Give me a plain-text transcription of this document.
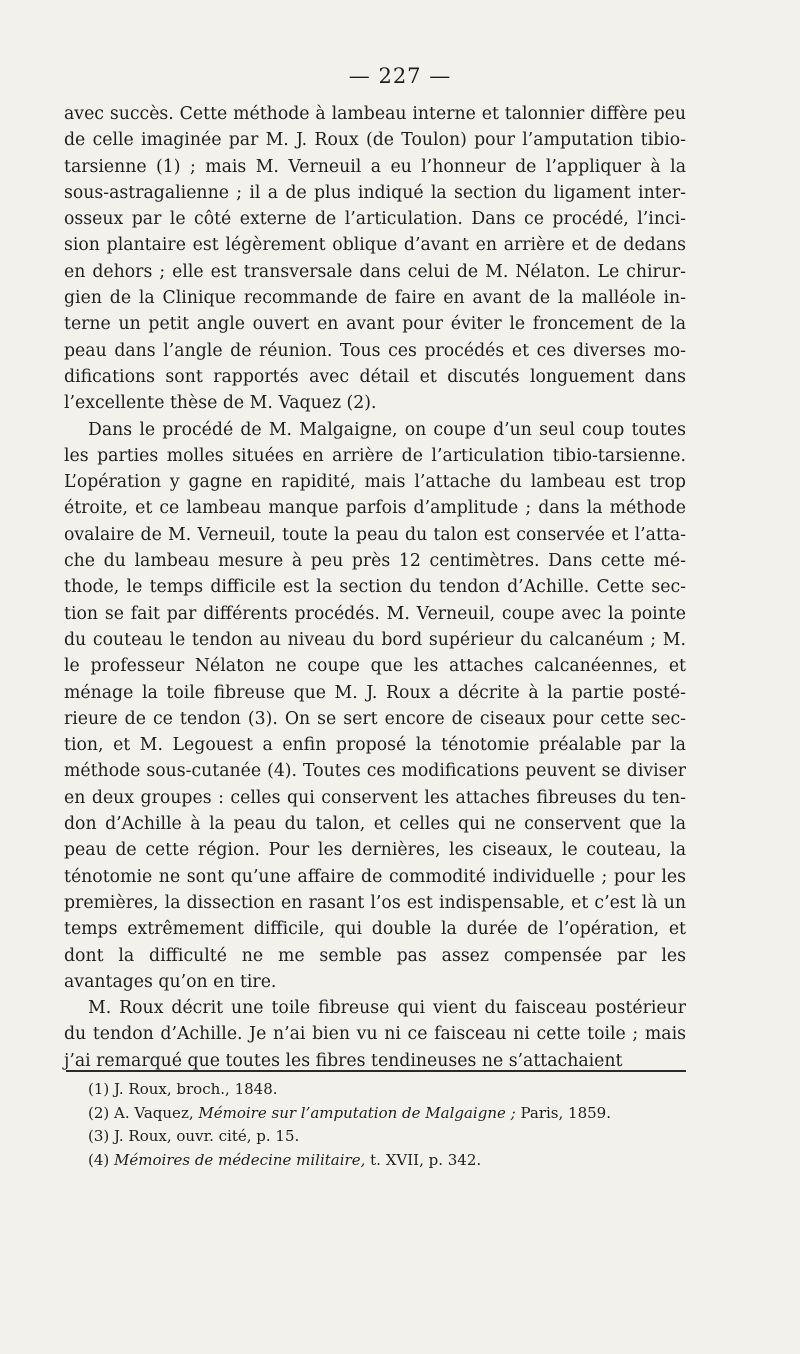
— 227 —

avec succès. Cette méthode à lambeau interne et talonnier diffère peu de celle imaginée par M. J. Roux (de Toulon) pour l’amputation tibio-tarsienne (1) ; mais M. Verneuil a eu l’honneur de l’appliquer à la sous-astragalienne ; il a de plus indiqué la section du ligament inter-osseux par le côté externe de l’articulation. Dans ce procédé, l’inci-sion plantaire est légèrement oblique d’avant en arrière et de dedans en dehors ; elle est transversale dans celui de M. Nélaton. Le chirur-gien de la Clinique recommande de faire en avant de la malléole in-terne un petit angle ouvert en avant pour éviter le froncement de la peau dans l’angle de réunion. Tous ces procédés et ces diverses mo-difications sont rapportés avec détail et discutés longuement dans l’excellente thèse de M. Vaquez (2).

Dans le procédé de M. Malgaigne, on coupe d’un seul coup toutes les parties molles situées en arrière de l’articulation tibio-tarsienne. L’opération y gagne en rapidité, mais l’attache du lambeau est trop étroite, et ce lambeau manque parfois d’amplitude ; dans la méthode ovalaire de M. Verneuil, toute la peau du talon est conservée et l’atta-che du lambeau mesure à peu près 12 centimètres. Dans cette mé-thode, le temps difficile est la section du tendon d’Achille. Cette sec-tion se fait par différents procédés. M. Verneuil, coupe avec la pointe du couteau le tendon au niveau du bord supérieur du calcanéum ; M. le professeur Nélaton ne coupe que les attaches calcanéennes, et ménage la toile fibreuse que M. J. Roux a décrite à la partie posté-rieure de ce tendon (3). On se sert encore de ciseaux pour cette sec-tion, et M. Legouest a enfin proposé la ténotomie préalable par la méthode sous-cutanée (4). Toutes ces modifications peuvent se diviser en deux groupes : celles qui conservent les attaches fibreuses du ten-don d’Achille à la peau du talon, et celles qui ne conservent que la peau de cette région. Pour les dernières, les ciseaux, le couteau, la ténotomie ne sont qu’une affaire de commodité individuelle ; pour les premières, la dissection en rasant l’os est indispensable, et c’est là un temps extrêmement difficile, qui double la durée de l’opération, et dont la difficulté ne me semble pas assez compensée par les avantages qu’on en tire.

M. Roux décrit une toile fibreuse qui vient du faisceau postérieur du tendon d’Achille. Je n’ai bien vu ni ce faisceau ni cette toile ; mais j’ai remarqué que toutes les fibres tendineuses ne s’attachaient

(1) J. Roux, broch., 1848.
(2) A. Vaquez, Mémoire sur l’amputation de Malgaigne ; Paris, 1859.
(3) J. Roux, ouvr. cité, p. 15.
(4) Mémoires de médecine militaire, t. XVII, p. 342.
